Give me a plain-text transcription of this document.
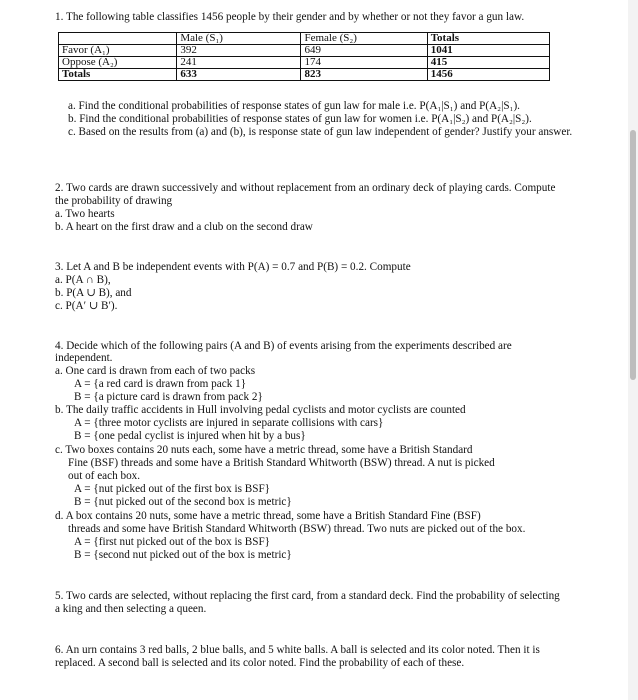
1. The following table classifies 1456 people by their gender and by whether or not they favor a gun law.

	Male (S₁)	Female (S₂)	Totals
Favor (A₁)	392	649	1041
Oppose (A₂)	241	174	415
Totals	633	823	1456

a. Find the conditional probabilities of response states of gun law for male i.e. P(A₁|S₁) and P(A₂|S₁).

b. Find the conditional probabilities of response states of gun law for women i.e. P(A₁|S₂) and P(A₂|S₂).

c. Based on the results from (a) and (b), is response state of gun law independent of gender? Justify your answer.

2. Two cards are drawn successively and without replacement from an ordinary deck of playing cards. Compute

the probability of drawing

a. Two hearts

b. A heart on the first draw and a club on the second draw

3. Let A and B be independent events with P(A) = 0.7 and P(B) = 0.2. Compute

a. P(A ∩ B),

b. P(A ∪ B), and

c. P(A′ ∪ B′).

4. Decide which of the following pairs (A and B) of events arising from the experiments described are

independent.

a. One card is drawn from each of two packs

A = {a red card is drawn from pack 1}

B = {a picture card is drawn from pack 2}

b. The daily traffic accidents in Hull involving pedal cyclists and motor cyclists are counted

A = {three motor cyclists are injured in separate collisions with cars}

B = {one pedal cyclist is injured when hit by a bus}

c. Two boxes contains 20 nuts each, some have a metric thread, some have a British Standard

Fine (BSF) threads and some have a British Standard Whitworth (BSW) thread. A nut is picked

out of each box.

A = {nut picked out of the first box is BSF}

B = {nut picked out of the second box is metric}

d. A box contains 20 nuts, some have a metric thread, some have a British Standard Fine (BSF)

threads and some have British Standard Whitworth (BSW) thread. Two nuts are picked out of the box.

A = {first nut picked out of the box is BSF}

B = {second nut picked out of the box is metric}

5. Two cards are selected, without replacing the first card, from a standard deck. Find the probability of selecting

a king and then selecting a queen.

6. An urn contains 3 red balls, 2 blue balls, and 5 white balls. A ball is selected and its color noted. Then it is

replaced. A second ball is selected and its color noted. Find the probability of each of these.
